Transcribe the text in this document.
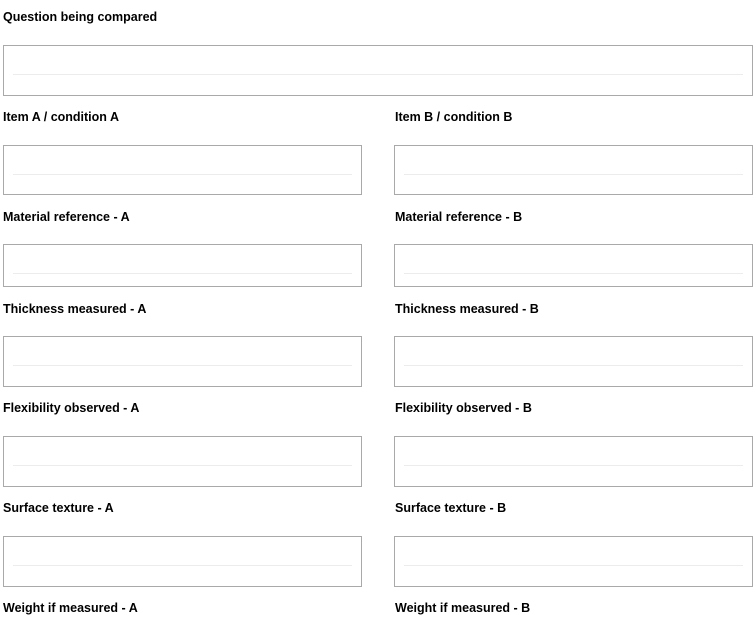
Question being compared
Item A / condition A	Item B / condition B
Material reference - A	Material reference - B
Thickness measured - A	Thickness measured - B
Flexibility observed - A	Flexibility observed - B
Surface texture - A	Surface texture - B
Weight if measured - A	Weight if measured - B
